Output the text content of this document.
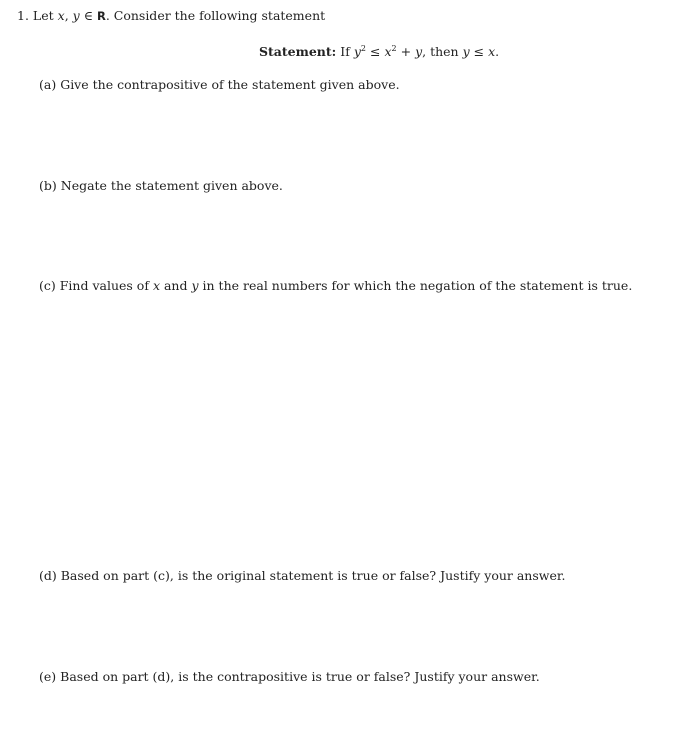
1. Let x, y ∈ R. Consider the following statement
Statement: If $y^2 \le x^2 + y$, then y ≤ x.
(a) Give the contrapositive of the statement given above.
(b) Negate the statement given above.
(c) Find values of x and y in the real numbers for which the negation of the statement is true.
(d) Based on part (c), is the original statement is true or false? Justify your answer.
(e) Based on part (d), is the contrapositive is true or false? Justify your answer.
